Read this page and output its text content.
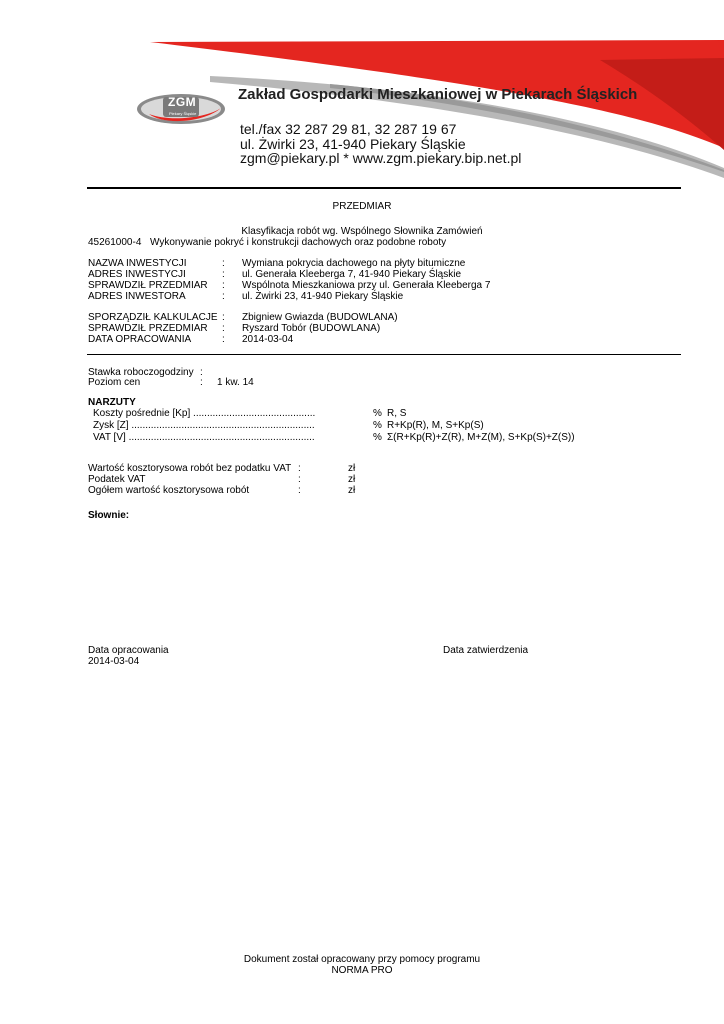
ZGM
Piekary Śląskie
Zakład Gospodarki Mieszkaniowej w Piekarach Śląskich
tel./fax 32 287 29 81, 32 287 19 67
ul. Żwirki 23, 41-940 Piekary Śląskie
zgm@piekary.pl * www.zgm.piekary.bip.net.pl
PRZEDMIAR
Klasyfikacja robót wg. Wspólnego Słownika Zamówień
45261000-4 Wykonywanie pokryć i konstrukcji dachowych oraz podobne roboty
NAZWA INWESTYCJI	: Wymiana pokrycia dachowego na płyty bitumiczne
ADRES INWESTYCJI	: ul. Generała Kleeberga 7, 41-940 Piekary Śląskie
SPRAWDZIŁ PRZEDMIAR : Wspólnota Mieszkaniowa przy ul. Generała Kleeberga 7
ADRES INWESTORA	: ul. Żwirki 23, 41-940 Piekary Śląskie
SPORZĄDZIŁ KALKULACJE : Zbigniew Gwiazda (BUDOWLANA)
SPRAWDZIŁ PRZEDMIAR : Ryszard Tobór (BUDOWLANA)
DATA OPRACOWANIA	: 2014-03-04
Stawka roboczogodziny :
Poziom cen	: 1 kw. 14
NARZUTY
Koszty pośrednie [Kp] ............................................	% R, S
Zysk [Z] ..................................................................	% R+Kp(R), M, S+Kp(S)
VAT [V] ...................................................................	% Σ(R+Kp(R)+Z(R), M+Z(M), S+Kp(S)+Z(S))
Wartość kosztorysowa robót bez podatku VAT :	zł
Podatek VAT	:	zł
Ogółem wartość kosztorysowa robót	:	zł
Słownie:
Data opracowania
2014-03-04
Data zatwierdzenia
Dokument został opracowany przy pomocy programu
NORMA PRO
